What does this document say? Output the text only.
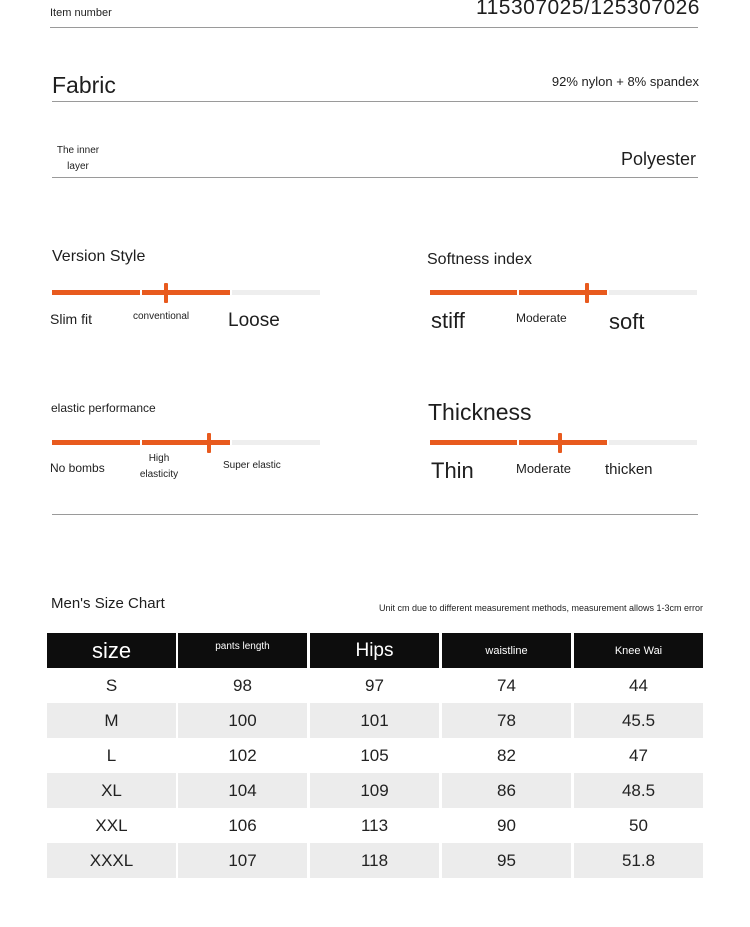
Item number	115307025/125307026
Fabric	92% nylon + 8% spandex
The inner
layer	Polyester
Version Style
Slim fit	conventional Loose
Softness index
stiff	Moderate soft
elastic performance
No bombs
High
elasticity
Super elastic
Thickness
Thin	Moderate thicken
Men's Size Chart	Unit cm due to different measurement methods, measurement allows 1-3cm error
size	pants length	Hips	waistline	Knee Wai
S	98	97	74	44
M	100	101	78	45.5
L	102	105	82	47
XL	104	109	86	48.5
XXL	106	113	90	50
XXXL	107	118	95	51.8
